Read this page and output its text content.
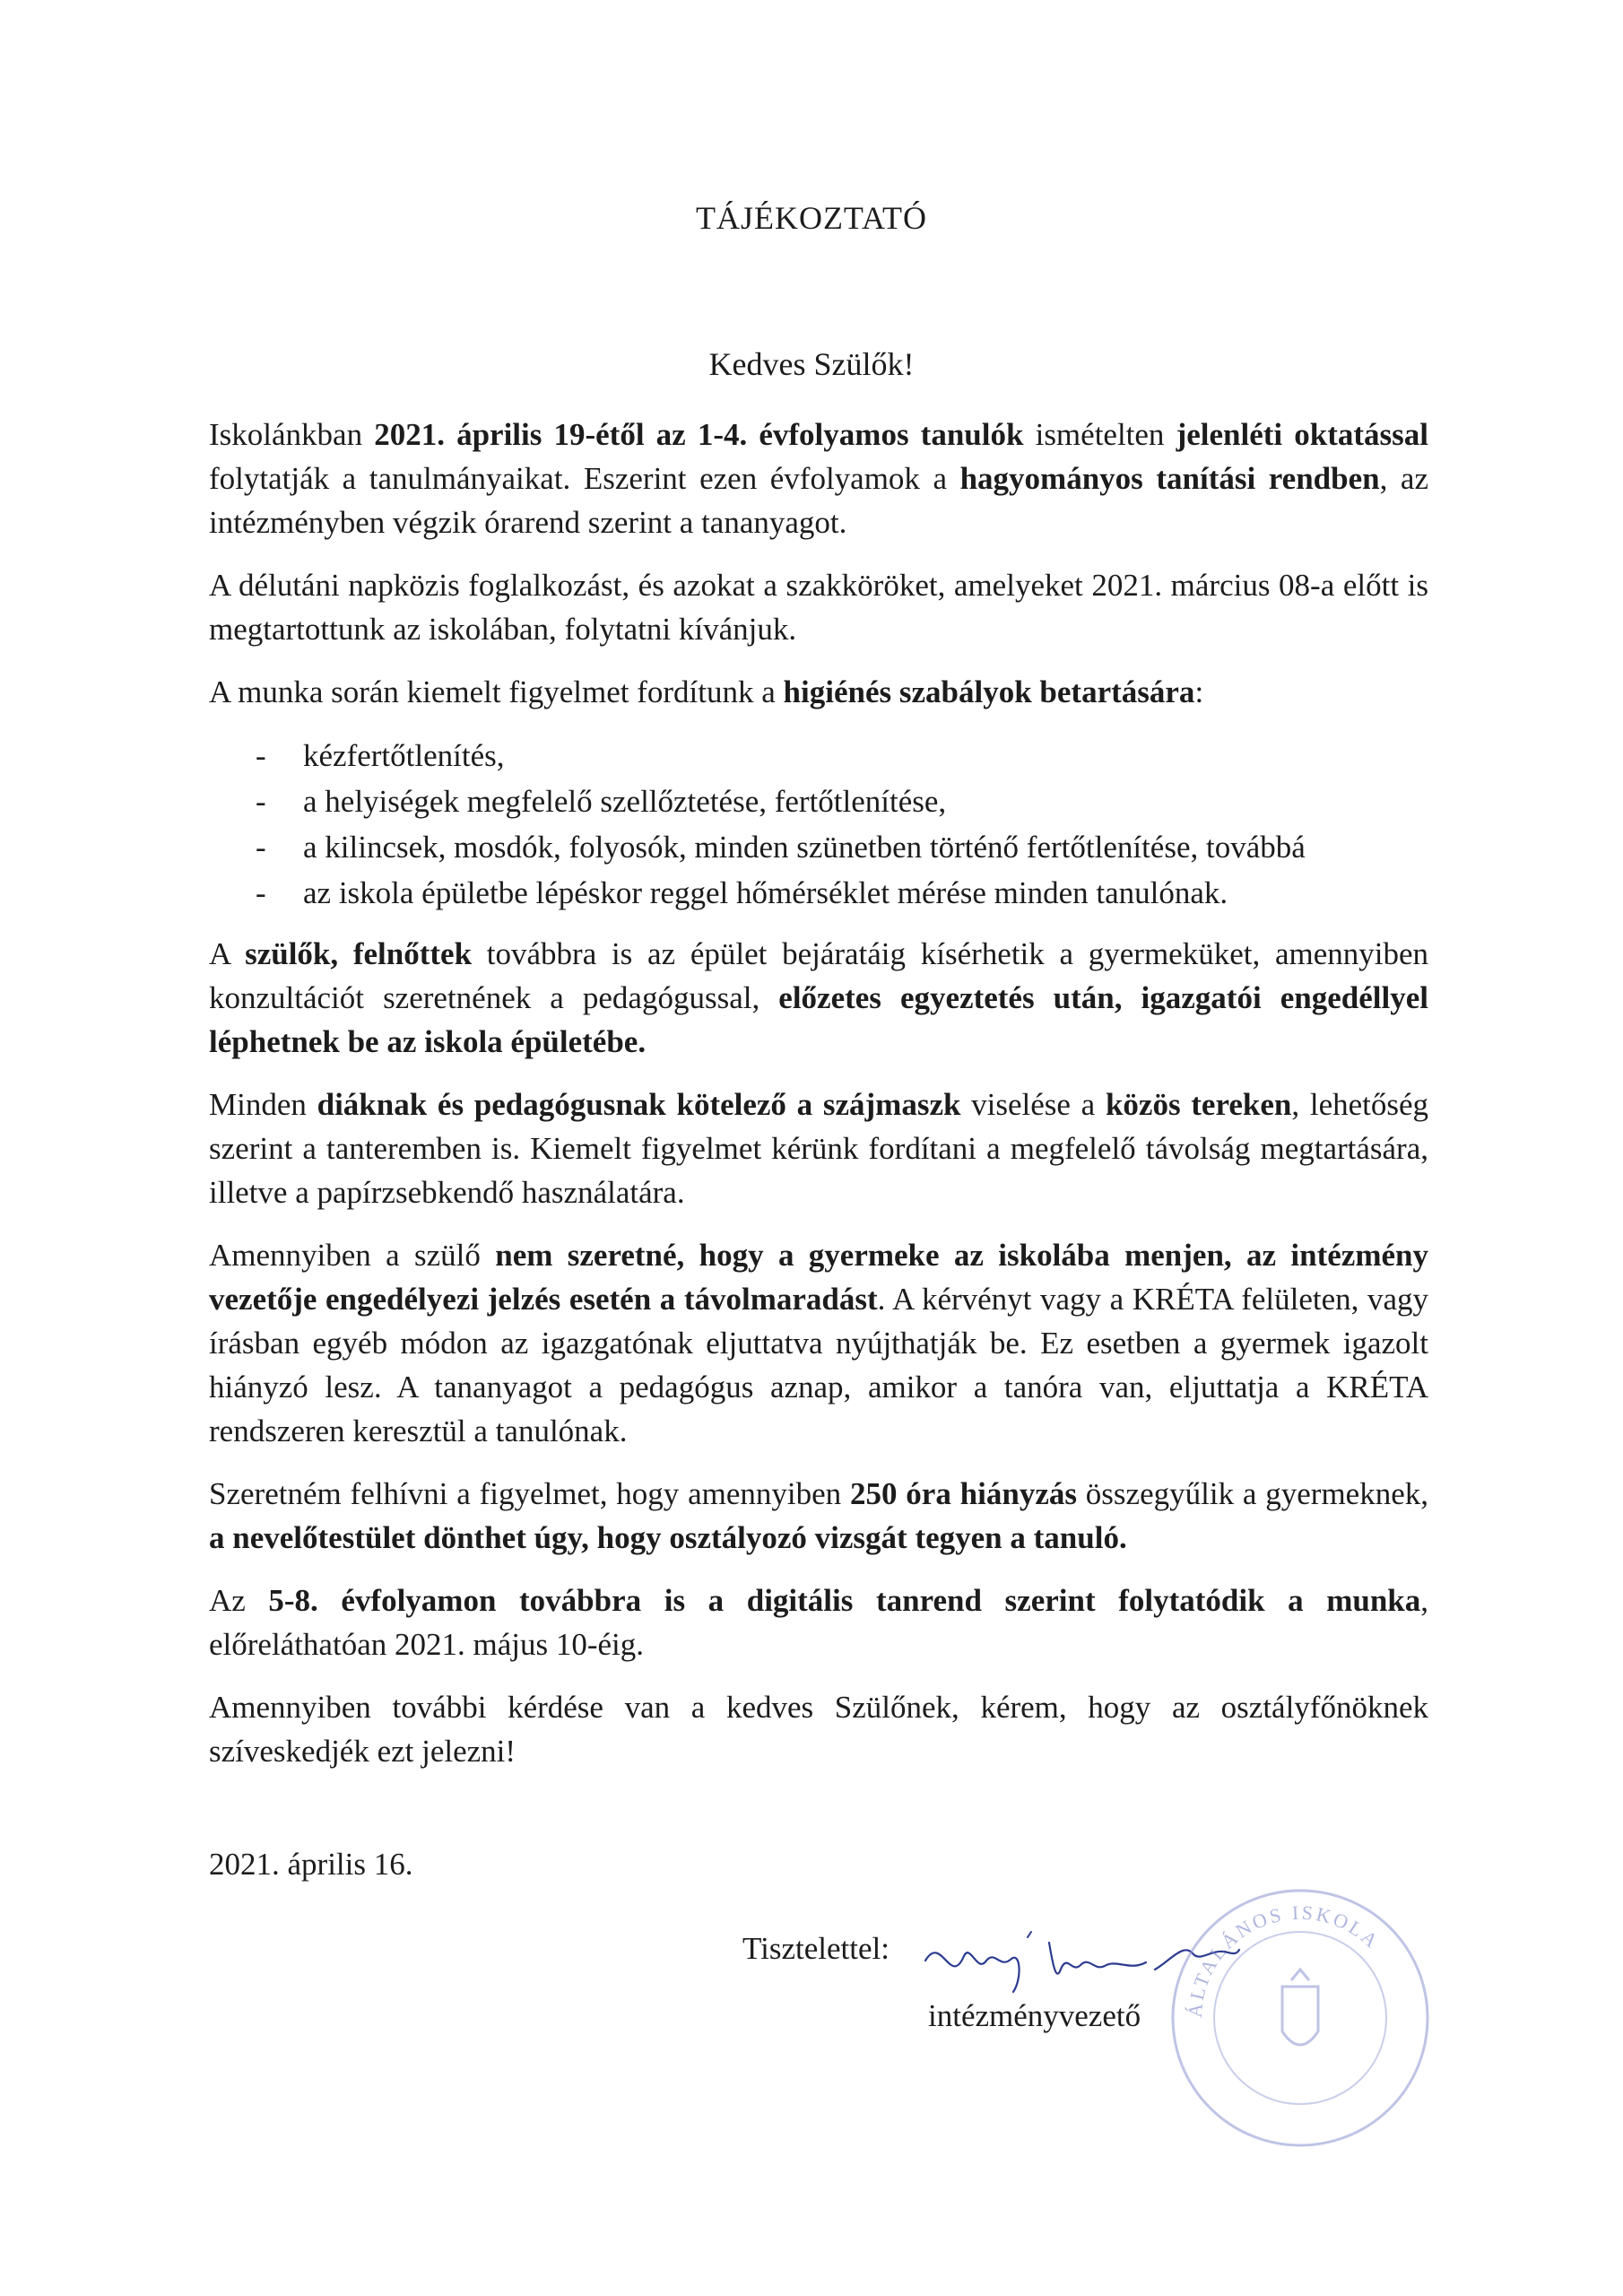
TÁJÉKOZTATÓ
Kedves Szülők!

Iskolánkban 2021. április 19-étől az 1-4. évfolyamos tanulók ismételten jelenléti oktatással folytatják a tanulmányaikat. Eszerint ezen évfolyamok a hagyományos tanítási rendben, az intézményben végzik órarend szerint a tananyagot.

A délutáni napközis foglalkozást, és azokat a szakköröket, amelyeket 2021. március 08-a előtt is megtartottunk az iskolában, folytatni kívánjuk.

A munka során kiemelt figyelmet fordítunk a higiénés szabályok betartására:

- kézfertőtlenítés,
- a helyiségek megfelelő szellőztetése, fertőtlenítése,
- a kilincsek, mosdók, folyosók, minden szünetben történő fertőtlenítése, továbbá
- az iskola épületbe lépéskor reggel hőmérséklet mérése minden tanulónak.

A szülők, felnőttek továbbra is az épület bejáratáig kísérhetik a gyermeküket, amennyiben konzultációt szeretnének a pedagógussal, előzetes egyeztetés után, igazgatói engedéllyel léphetnek be az iskola épületébe.

Minden diáknak és pedagógusnak kötelező a szájmaszk viselése a közös tereken, lehetőség szerint a tanteremben is. Kiemelt figyelmet kérünk fordítani a megfelelő távolság megtartására, illetve a papírzsebkendő használatára.

Amennyiben a szülő nem szeretné, hogy a gyermeke az iskolába menjen, az intézmény vezetője engedélyezi jelzés esetén a távolmaradást. A kérvényt vagy a KRÉTA felületen, vagy írásban egyéb módon az igazgatónak eljuttatva nyújthatják be. Ez esetben a gyermek igazolt hiányzó lesz. A tananyagot a pedagógus aznap, amikor a tanóra van, eljuttatja a KRÉTA rendszeren keresztül a tanulónak.

Szeretném felhívni a figyelmet, hogy amennyiben 250 óra hiányzás összegyűlik a gyermeknek, a nevelőtestület dönthet úgy, hogy osztályozó vizsgát tegyen a tanuló.

Az 5-8. évfolyamon továbbra is a digitális tanrend szerint folytatódik a munka, előreláthatóan 2021. május 10-éig.

Amennyiben további kérdése van a kedves Szülőnek, kérem, hogy az osztályfőnöknek szíveskedjék ezt jelezni!

2021. április 16.
Tisztelettel:
intézményvezető ÁLTALÁNOS ISKOLA
